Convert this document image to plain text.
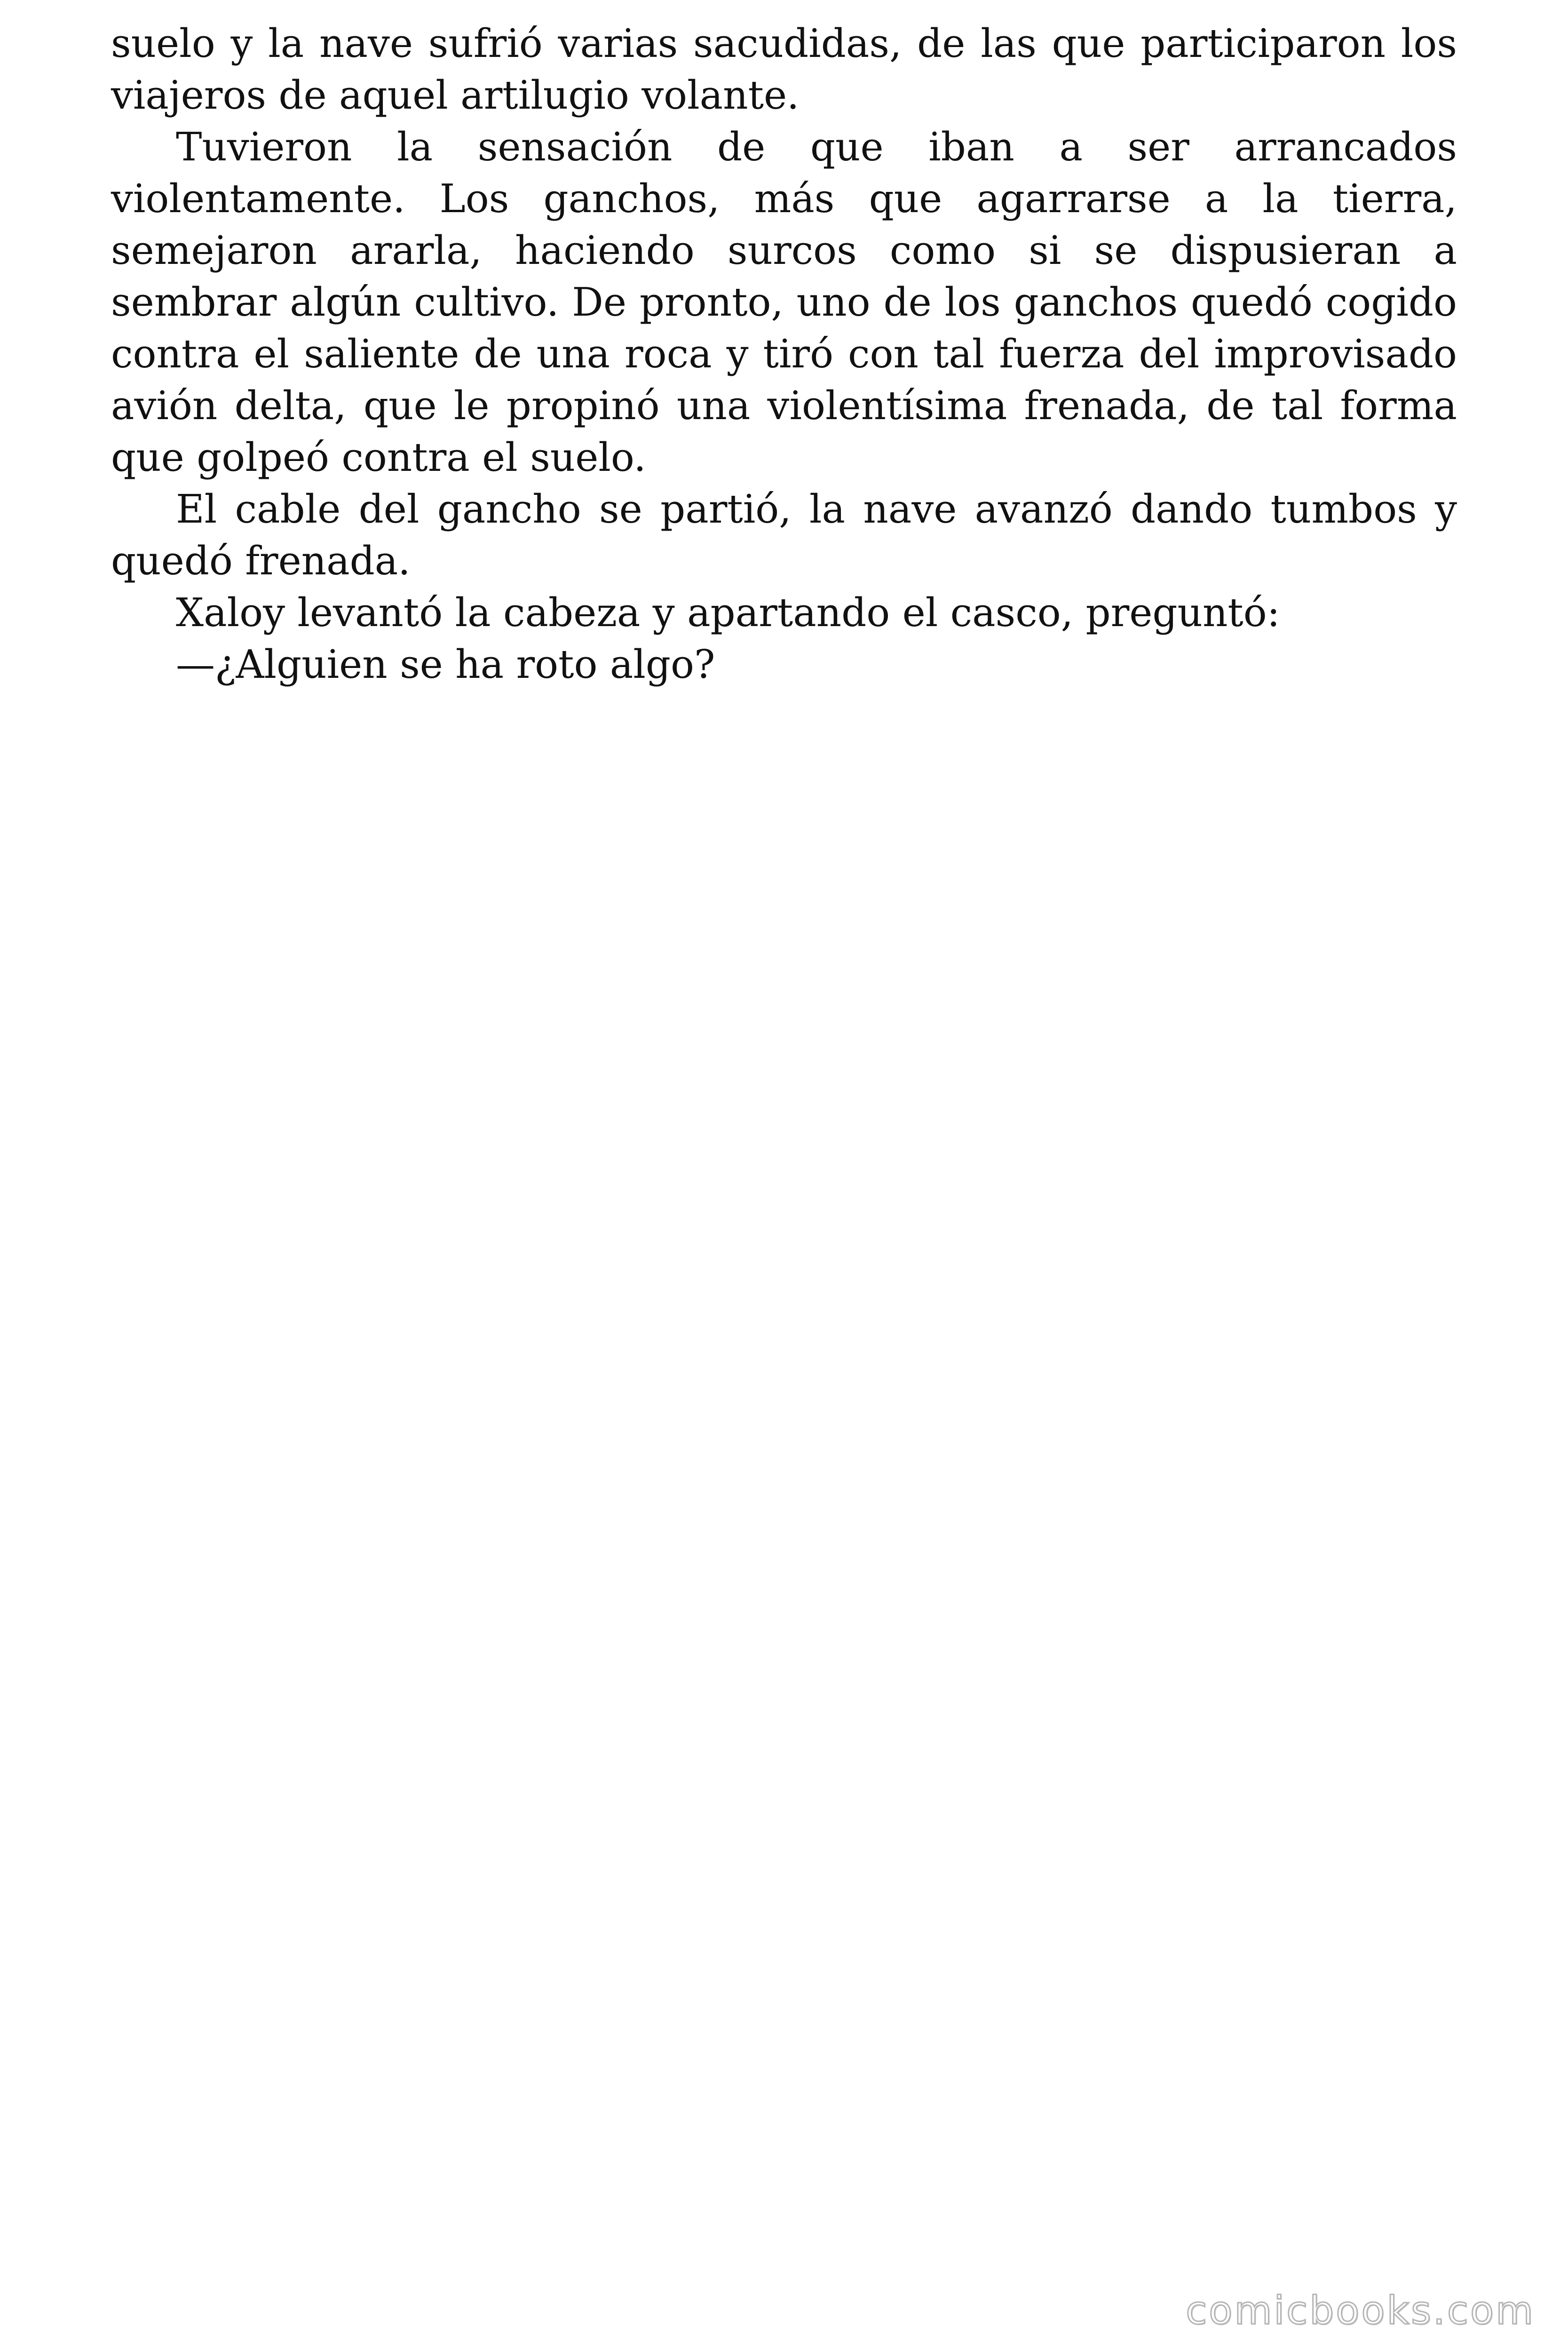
suelo y la nave sufrió varias sacudidas, de las que participaron los viajeros de aquel artilugio volante.

Tuvieron la sensación de que iban a ser arrancados violentamente. Los ganchos, más que agarrarse a la tierra, semejaron ararla, haciendo surcos como si se dispusieran a sembrar algún cultivo. De pronto, uno de los ganchos quedó cogido contra el saliente de una roca y tiró con tal fuerza del improvisado avión delta, que le propinó una violentísima frenada, de tal forma que golpeó contra el suelo.

El cable del gancho se partió, la nave avanzó dando tumbos y quedó frenada.

Xaloy levantó la cabeza y apartando el casco, preguntó:

—¿Alguien se ha roto algo?

comicbooks.com
